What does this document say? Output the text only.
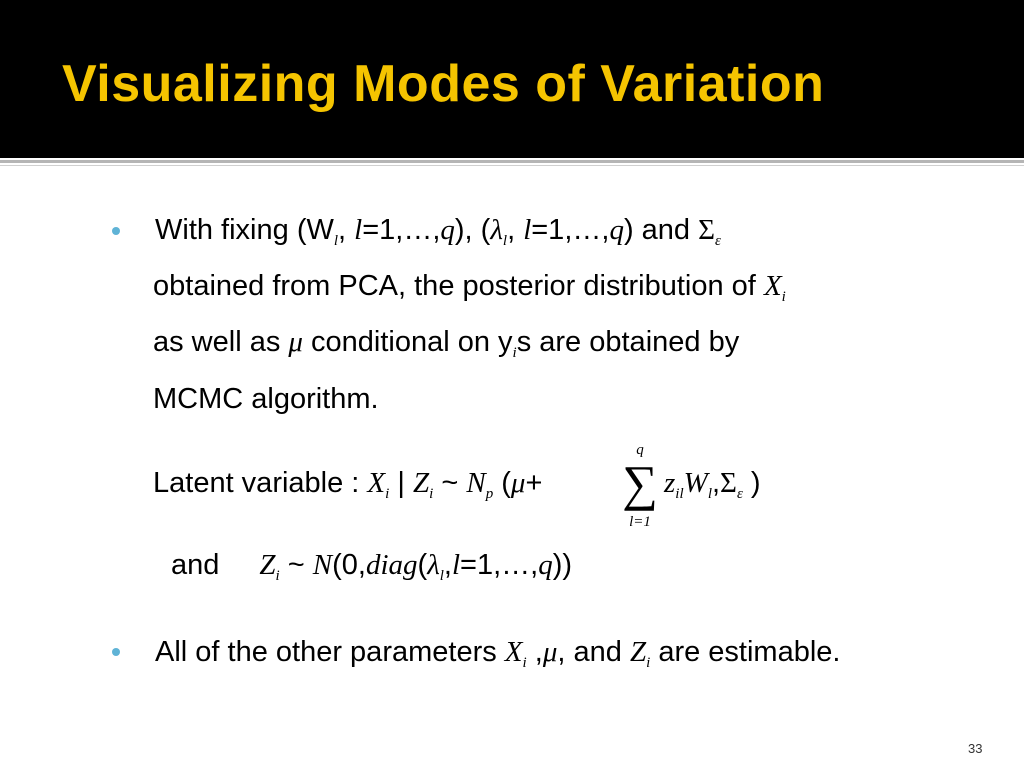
Visualizing Modes of Variation
With fixing ($W_l$, l=1,…,q), ($\lambda_l$, l=1,…,q) and $\Sigma_\varepsilon$
obtained from PCA, the posterior distribution of $X_i$
as well as μ conditional on $y_is$ are obtained by
MCMC algorithm.
Latent variable : $X_i$ | $Z_i$ ~ $N_p$ (μ+
q
∑
l=1
$z_{il}W_l,\Sigma_\varepsilon$ )
and $Z_i$ ~ $N(0,diag(\lambda_l,l=1,\dots,q))$
All of the other parameters $X_i$ ,μ, and $Z_i$ are estimable.
33
